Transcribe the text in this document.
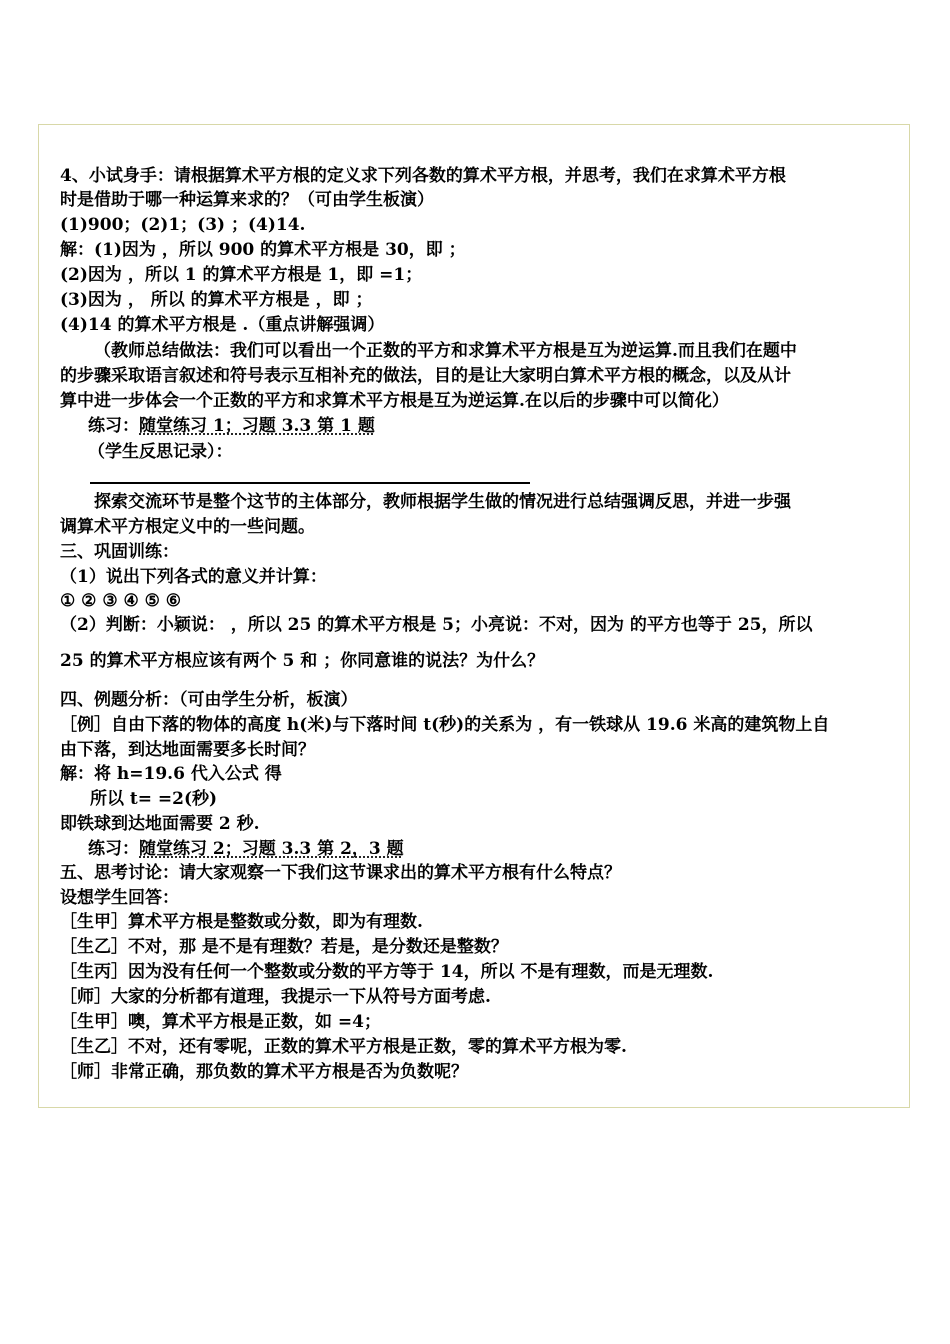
4、小试身手：请根据算术平方根的定义求下列各数的算术平方根，并思考，我们在求算术平方根
时是借助于哪一种运算来求的？（可由学生板演）
(1)900；(2)1；(3) ；(4)14.
解：(1)因为 ，所以 900 的算术平方根是 30，即 ；
(2)因为 ，所以 1 的算术平方根是 1，即 =1；
(3)因为 ， 所以 的算术平方根是 ，即 ；
(4)14 的算术平方根是 .（重点讲解强调）
（教师总结做法：我们可以看出一个正数的平方和求算术平方根是互为逆运算.而且我们在题中
的步骤采取语言叙述和符号表示互相补充的做法，目的是让大家明白算术平方根的概念，以及从计
算中进一步体会一个正数的平方和求算术平方根是互为逆运算.在以后的步骤中可以简化）
练习：随堂练习 1；习题 3.3 第 1 题
（学生反思记录）：
探索交流环节是整个这节的主体部分，教师根据学生做的情况进行总结强调反思，并进一步强
调算术平方根定义中的一些问题。
三、巩固训练：
（1）说出下列各式的意义并计算：
① ② ③ ④ ⑤ ⑥
（2）判断：小颖说： ，所以 25 的算术平方根是 5；小亮说：不对，因为 的平方也等于 25，所以
25 的算术平方根应该有两个 5 和 ；你同意谁的说法？为什么？
四、例题分析：（可由学生分析，板演）
［例］自由下落的物体的高度 h(米)与下落时间 t(秒)的关系为 ，有一铁球从 19.6 米高的建筑物上自
由下落，到达地面需要多长时间？
解：将 h=19.6 代入公式 得
所以 t= =2(秒)
即铁球到达地面需要 2 秒.
练习：随堂练习 2；习题 3.3 第 2，3 题
五、思考讨论：请大家观察一下我们这节课求出的算术平方根有什么特点？
设想学生回答：
［生甲］算术平方根是整数或分数，即为有理数.
［生乙］不对，那 是不是有理数？若是，是分数还是整数？
［生丙］因为没有任何一个整数或分数的平方等于 14，所以 不是有理数，而是无理数.
［师］大家的分析都有道理，我提示一下从符号方面考虑.
［生甲］噢，算术平方根是正数，如 =4；
［生乙］不对，还有零呢，正数的算术平方根是正数，零的算术平方根为零.
［师］非常正确，那负数的算术平方根是否为负数呢？
